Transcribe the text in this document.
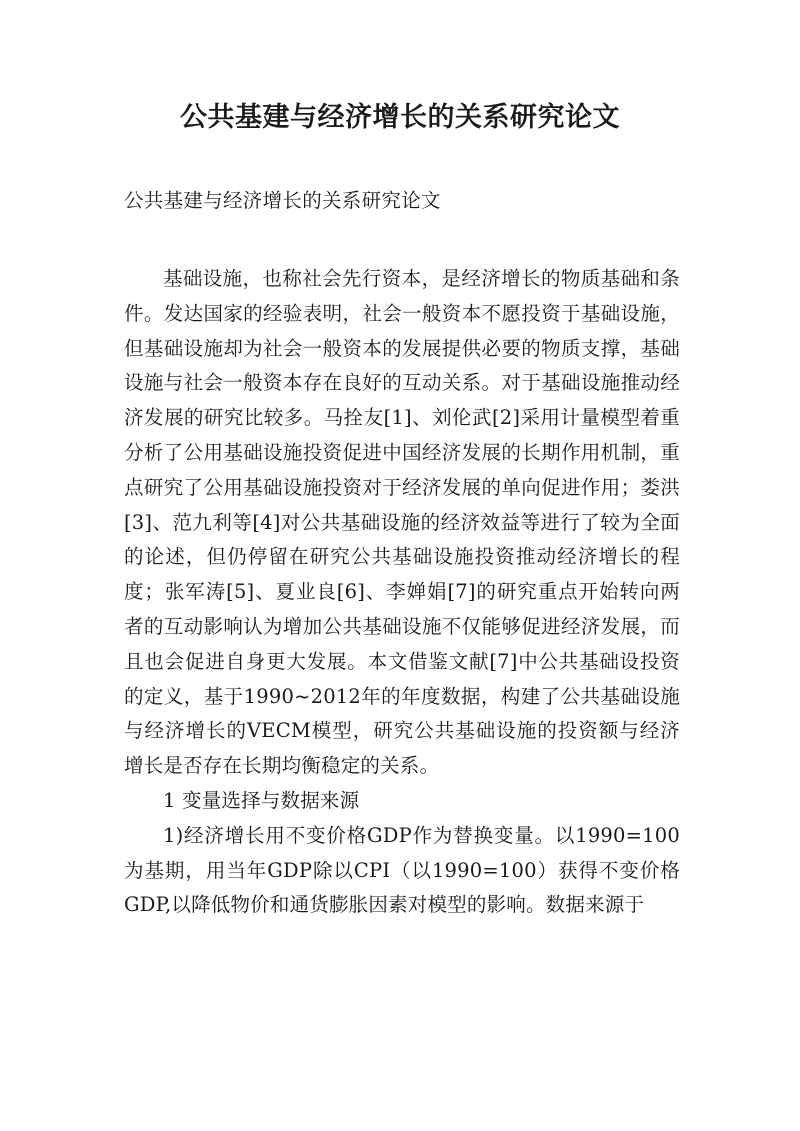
公共基建与经济增长的关系研究论文

公共基建与经济增长的关系研究论文

基础设施，也称社会先行资本，是经济增长的物质基础和条件。发达国家的经验表明，社会一般资本不愿投资于基础设施，但基础设施却为社会一般资本的发展提供必要的物质支撑，基础设施与社会一般资本存在良好的互动关系。对于基础设施推动经济发展的研究比较多。马拴友[1]、刘伦武[2]采用计量模型着重分析了公用基础设施投资促进中国经济发展的长期作用机制，重点研究了公用基础设施投资对于经济发展的单向促进作用；娄洪[3]、范九利等[4]对公共基础设施的经济效益等进行了较为全面的论述，但仍停留在研究公共基础设施投资推动经济增长的程度；张军涛[5]、夏业良[6]、李婵娟[7]的研究重点开始转向两者的互动影响认为增加公共基础设施不仅能够促进经济发展，而且也会促进自身更大发展。本文借鉴文献[7]中公共基础设投资的定义，基于1990~2012年的年度数据，构建了公共基础设施与经济增长的VECM模型，研究公共基础设施的投资额与经济增长是否存在长期均衡稳定的关系。

1 变量选择与数据来源

1)经济增长用不变价格GDP作为替换变量。以1990=100为基期，用当年GDP除以CPI（以1990=100）获得不变价格GDP,以降低物价和通货膨胀因素对模型的影响。数据来源于
